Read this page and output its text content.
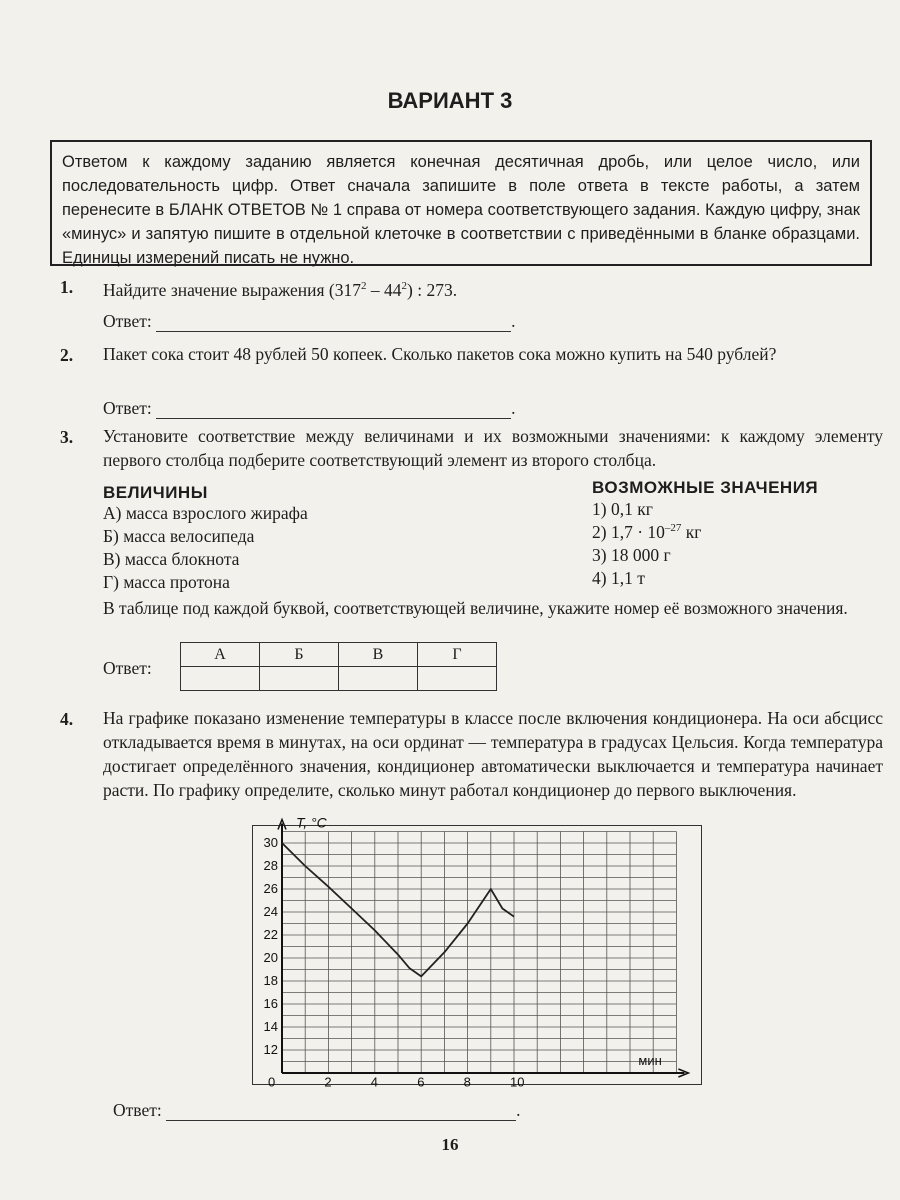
ВАРИАНТ 3
Ответом к каждому заданию является конечная десятичная дробь, или целое число, или последовательность цифр. Ответ сначала запишите в поле ответа в тексте работы, а затем перенесите в БЛАНК ОТВЕТОВ № 1 справа от номера соответствующего задания. Каждую цифру, знак «минус» и запятую пишите в отдельной клеточке в соответствии с приведёнными в бланке образцами. Единицы измерений писать не нужно.
1. Найдите значение выражения $(317^2 - 44^2)$ : 273.
Ответ:	.
2. Пакет сока стоит 48 рублей 50 копеек. Сколько пакетов сока можно купить на 540 рублей?
Ответ:	.
3. Установите соответствие между величинами и их возможными значениями: к каждому элементу первого столбца подберите соответствующий элемент из второго столбца.
ВЕЛИЧИНЫ	ВОЗМОЖНЫЕ ЗНАЧЕНИЯ
А) масса взрослого жирафа
Б) масса велосипеда
В) масса блокнота
Г) масса протона
1) 0,1 кг
2) $1,7 \cdot 10^{-27}$ кг
3) 18 000 г
4) 1,1 т
В таблице под каждой буквой, соответствующей величине, укажите номер её возможного значения.
Ответ:
А	Б	В	Г

4. На графике показано изменение температуры в классе после включения кондиционера. На оси абсцисс откладывается время в минутах, на оси ординат — температура в градусах Цельсия. Когда температура достигает определённого значения, кондиционер автоматически выключается и температура начинает расти. По графику определите, сколько минут работал кондиционер до первого выключения.
T, °C
мин
0	2	4	6	8	10
12
14
16
18
20
22
24
26
28
30
Ответ:	.
16
